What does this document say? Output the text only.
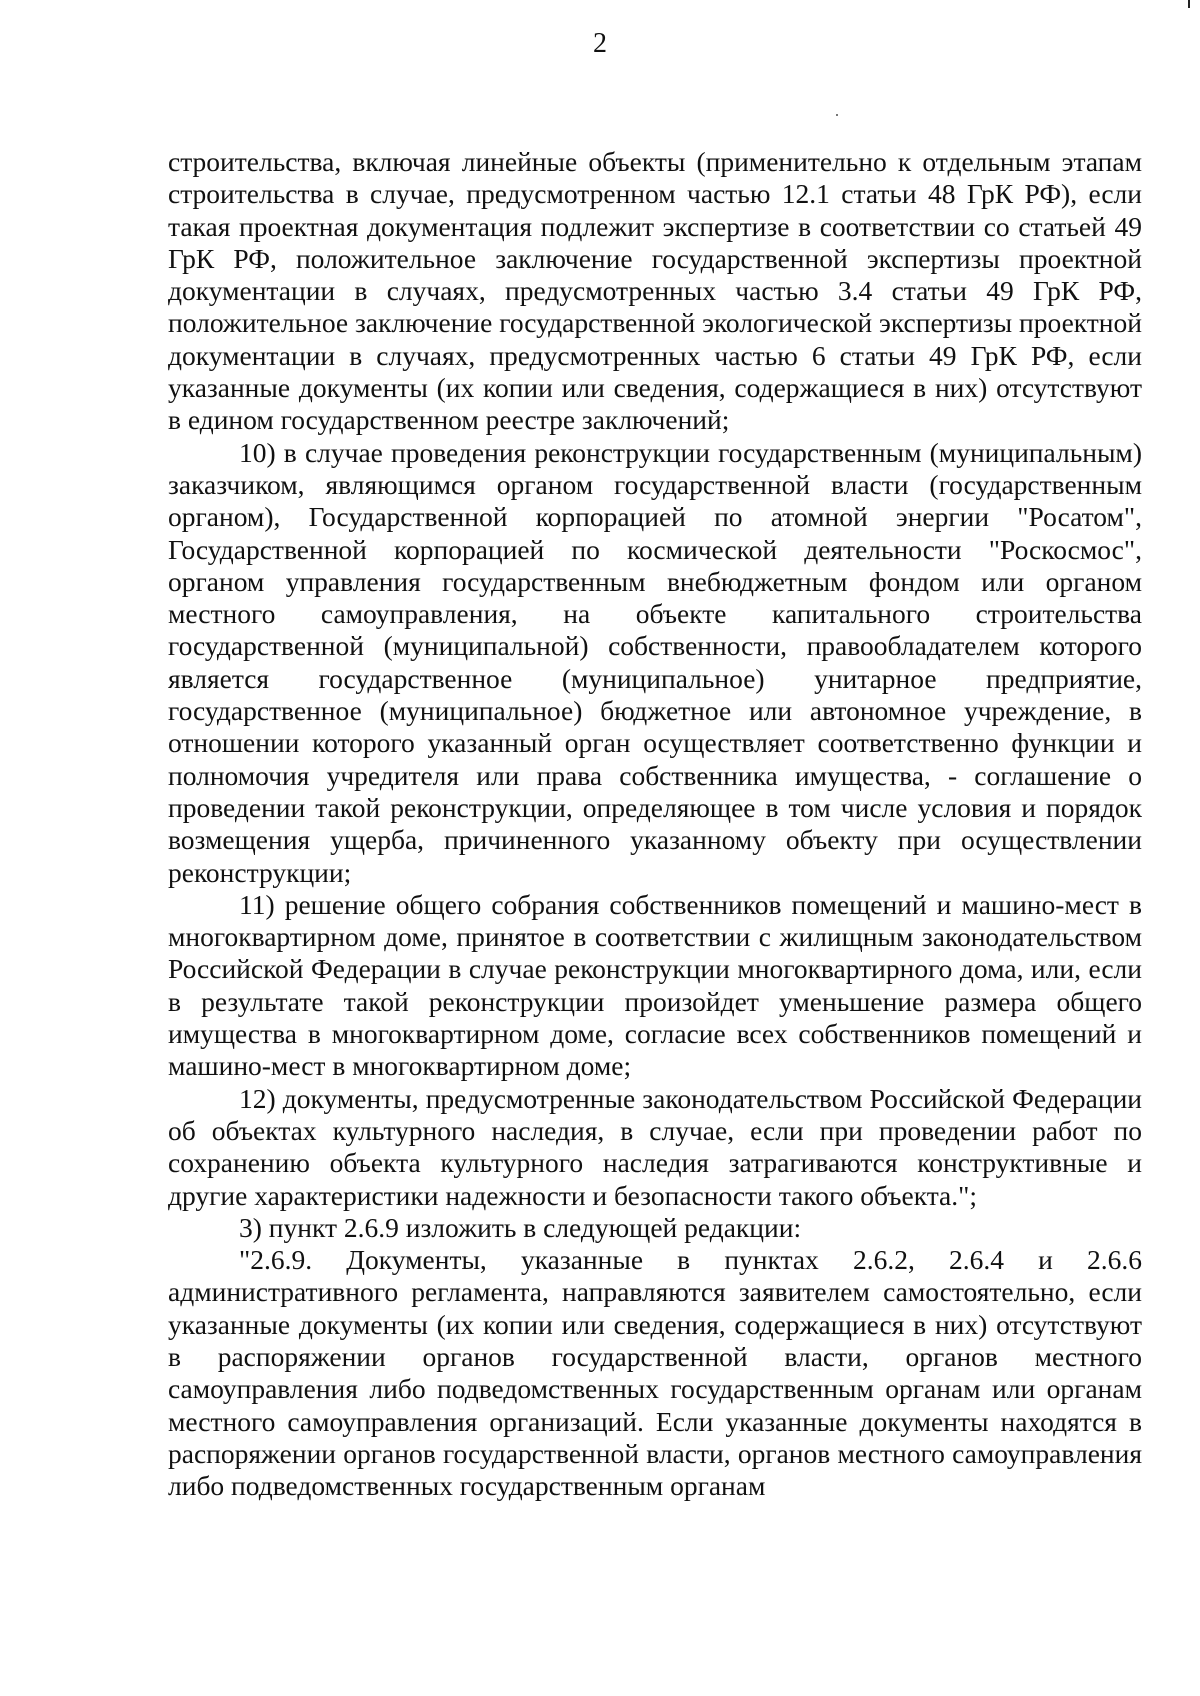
2

строительства, включая линейные объекты (применительно к отдельным этапам строительства в случае, предусмотренном частью 12.1 статьи 48 ГрК РФ), если такая проектная документация подлежит экспертизе в соответствии со статьей 49 ГрК РФ, положительное заключение государственной экспертизы проектной документации в случаях, предусмотренных частью 3.4 статьи 49 ГрК РФ, положительное заключение государственной экологической экспертизы проектной документации в случаях, предусмотренных частью 6 статьи 49 ГрК РФ, если указанные документы (их копии или сведения, содержащиеся в них) отсутствуют в едином государственном реестре заключений;

10) в случае проведения реконструкции государственным (муниципальным) заказчиком, являющимся органом государственной власти (государственным органом), Государственной корпорацией по атомной энергии "Росатом", Государственной корпорацией по космической деятельности "Роскосмос", органом управления государственным внебюджетным фондом или органом местного самоуправления, на объекте капитального строительства государственной (муниципальной) собственности, правообладателем которого является государственное (муниципальное) унитарное предприятие, государственное (муниципальное) бюджетное или автономное учреждение, в отношении которого указанный орган осуществляет соответственно функции и полномочия учредителя или права собственника имущества, - соглашение о проведении такой реконструкции, определяющее в том числе условия и порядок возмещения ущерба, причиненного указанному объекту при осуществлении реконструкции;

11) решение общего собрания собственников помещений и машино-мест в многоквартирном доме, принятое в соответствии с жилищным законодательством Российской Федерации в случае реконструкции многоквартирного дома, или, если в результате такой реконструкции произойдет уменьшение размера общего имущества в многоквартирном доме, согласие всех собственников помещений и машино-мест в многоквартирном доме;

12) документы, предусмотренные законодательством Российской Федерации об объектах культурного наследия, в случае, если при проведении работ по сохранению объекта культурного наследия затрагиваются конструктивные и другие характеристики надежности и безопасности такого объекта.";

3) пункт 2.6.9 изложить в следующей редакции:

"2.6.9. Документы, указанные в пунктах 2.6.2, 2.6.4 и 2.6.6 административного регламента, направляются заявителем самостоятельно, если указанные документы (их копии или сведения, содержащиеся в них) отсутствуют в распоряжении органов государственной власти, органов местного самоуправления либо подведомственных государственным органам или органам местного самоуправления организаций. Если указанные документы находятся в распоряжении органов государственной власти, органов местного самоуправления либо подведомственных государственным органам
